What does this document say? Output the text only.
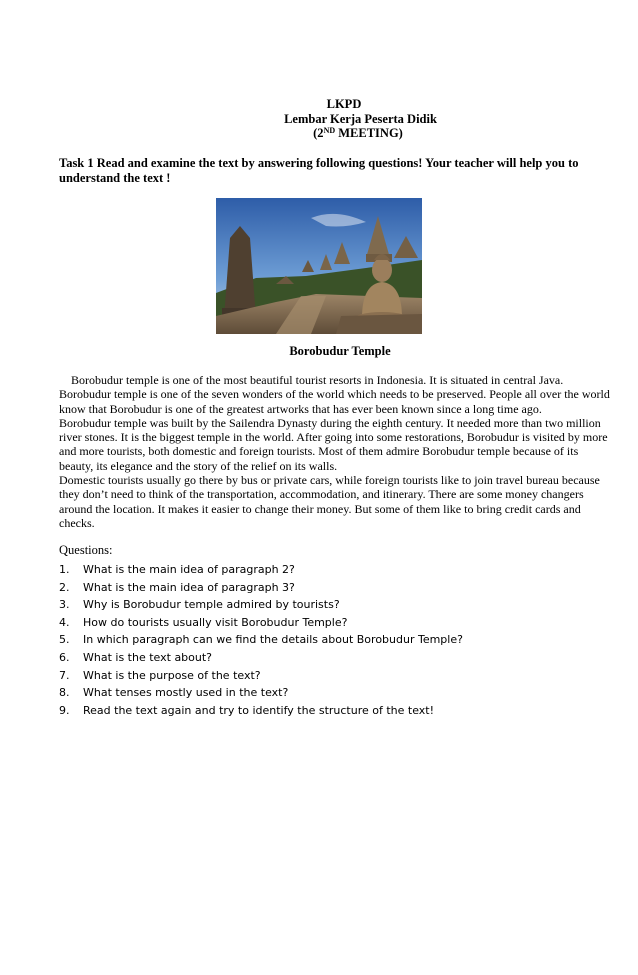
LKPD
Lembar Kerja Peserta Didik
(2ND MEETING)
Task 1 Read and examine the text by answering following questions! Your teacher will help you to understand the text !
Borobudur Temple

Borobudur temple is one of the most beautiful tourist resorts in Indonesia. It is situated in central Java. Borobudur temple is one of the seven wonders of the world which needs to be preserved. People all over the world know that Borobudur is one of the greatest artworks that has ever been known since a long time ago.

Borobudur temple was built by the Sailendra Dynasty during the eighth century. It needed more than two million river stones. It is the biggest temple in the world. After going into some restorations, Borobudur is visited by more and more tourists, both domestic and foreign tourists. Most of them admire Borobudur temple because of its beauty, its elegance and the story of the relief on its walls.

Domestic tourists usually go there by bus or private cars, while foreign tourists like to join travel bureau because they don’t need to think of the transportation, accommodation, and itinerary. There are some money changers around the location. It makes it easier to change their money. But some of them like to bring credit cards and checks.

Questions:
1. What is the main idea of paragraph 2?
2. What is the main idea of paragraph 3?
3. Why is Borobudur temple admired by tourists?
4. How do tourists usually visit Borobudur Temple?
5. In which paragraph can we find the details about Borobudur Temple?
6. What is the text about?
7. What is the purpose of the text?
8. What tenses mostly used in the text?
9. Read the text again and try to identify the structure of the text!
